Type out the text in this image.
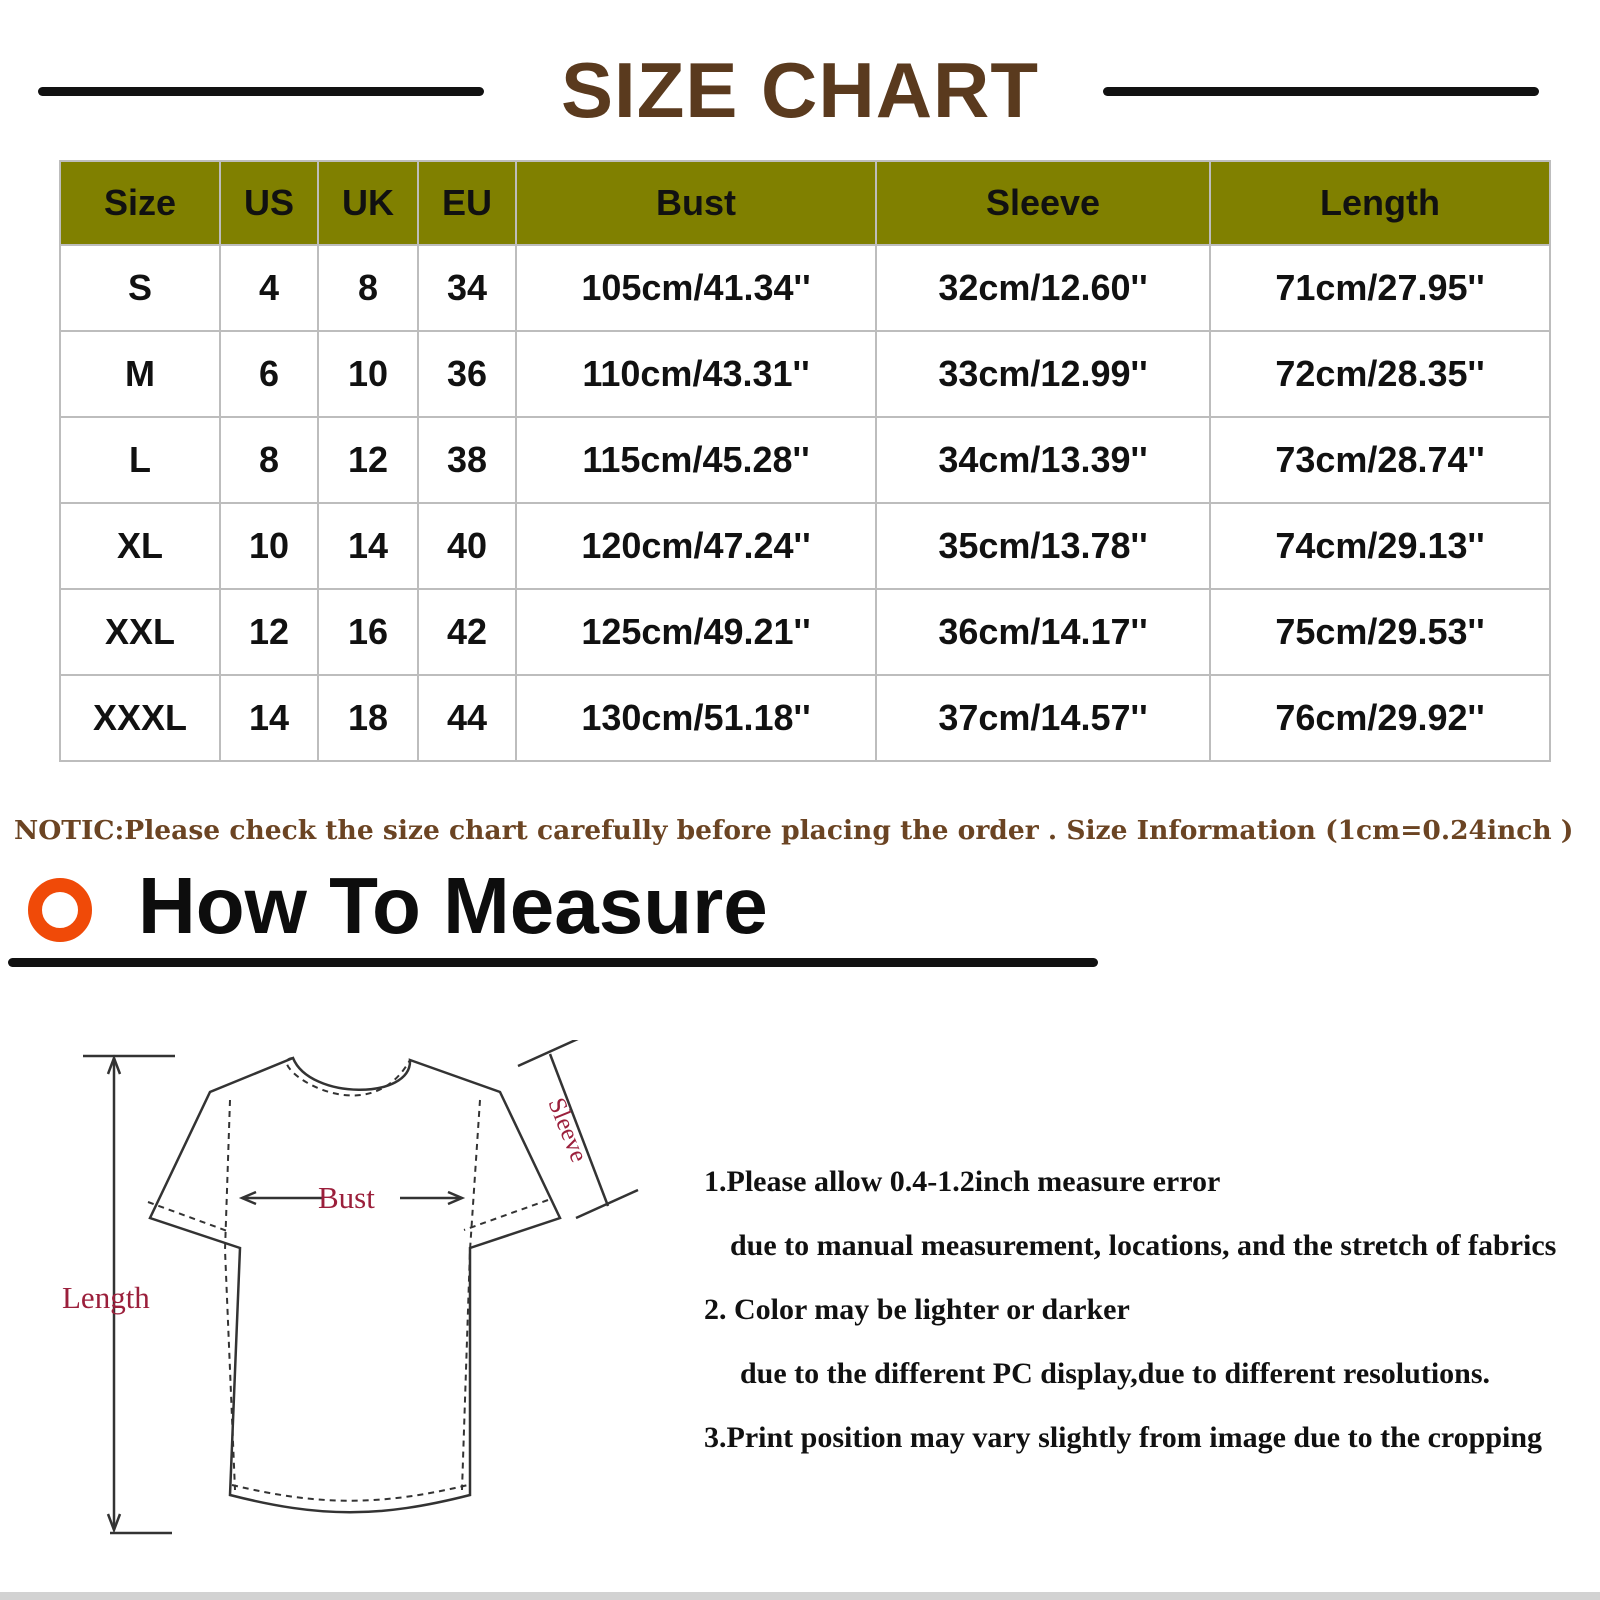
SIZE CHART
Size	US	UK	EU	Bust	Sleeve	Length
S	4	8	34	105cm/41.34''	32cm/12.60''	71cm/27.95''
M	6	10	36	110cm/43.31''	33cm/12.99''	72cm/28.35''
L	8	12	38	115cm/45.28''	34cm/13.39''	73cm/28.74''
XL	10	14	40	120cm/47.24''	35cm/13.78''	74cm/29.13''
XXL	12	16	42	125cm/49.21''	36cm/14.17''	75cm/29.53''
XXXL	14	18	44	130cm/51.18''	37cm/14.57''	76cm/29.92''
NOTIC:Please check the size chart carefully before placing the order . Size Information (1cm=0.24inch )
How To Measure
Bust
Length
Sleeve
1.Please allow 0.4-1.2inch measure error
due to manual measurement, locations, and the stretch of fabrics
2. Color may be lighter or darker
due to the different PC display,due to different resolutions.
3.Print position may vary slightly from image due to the cropping
